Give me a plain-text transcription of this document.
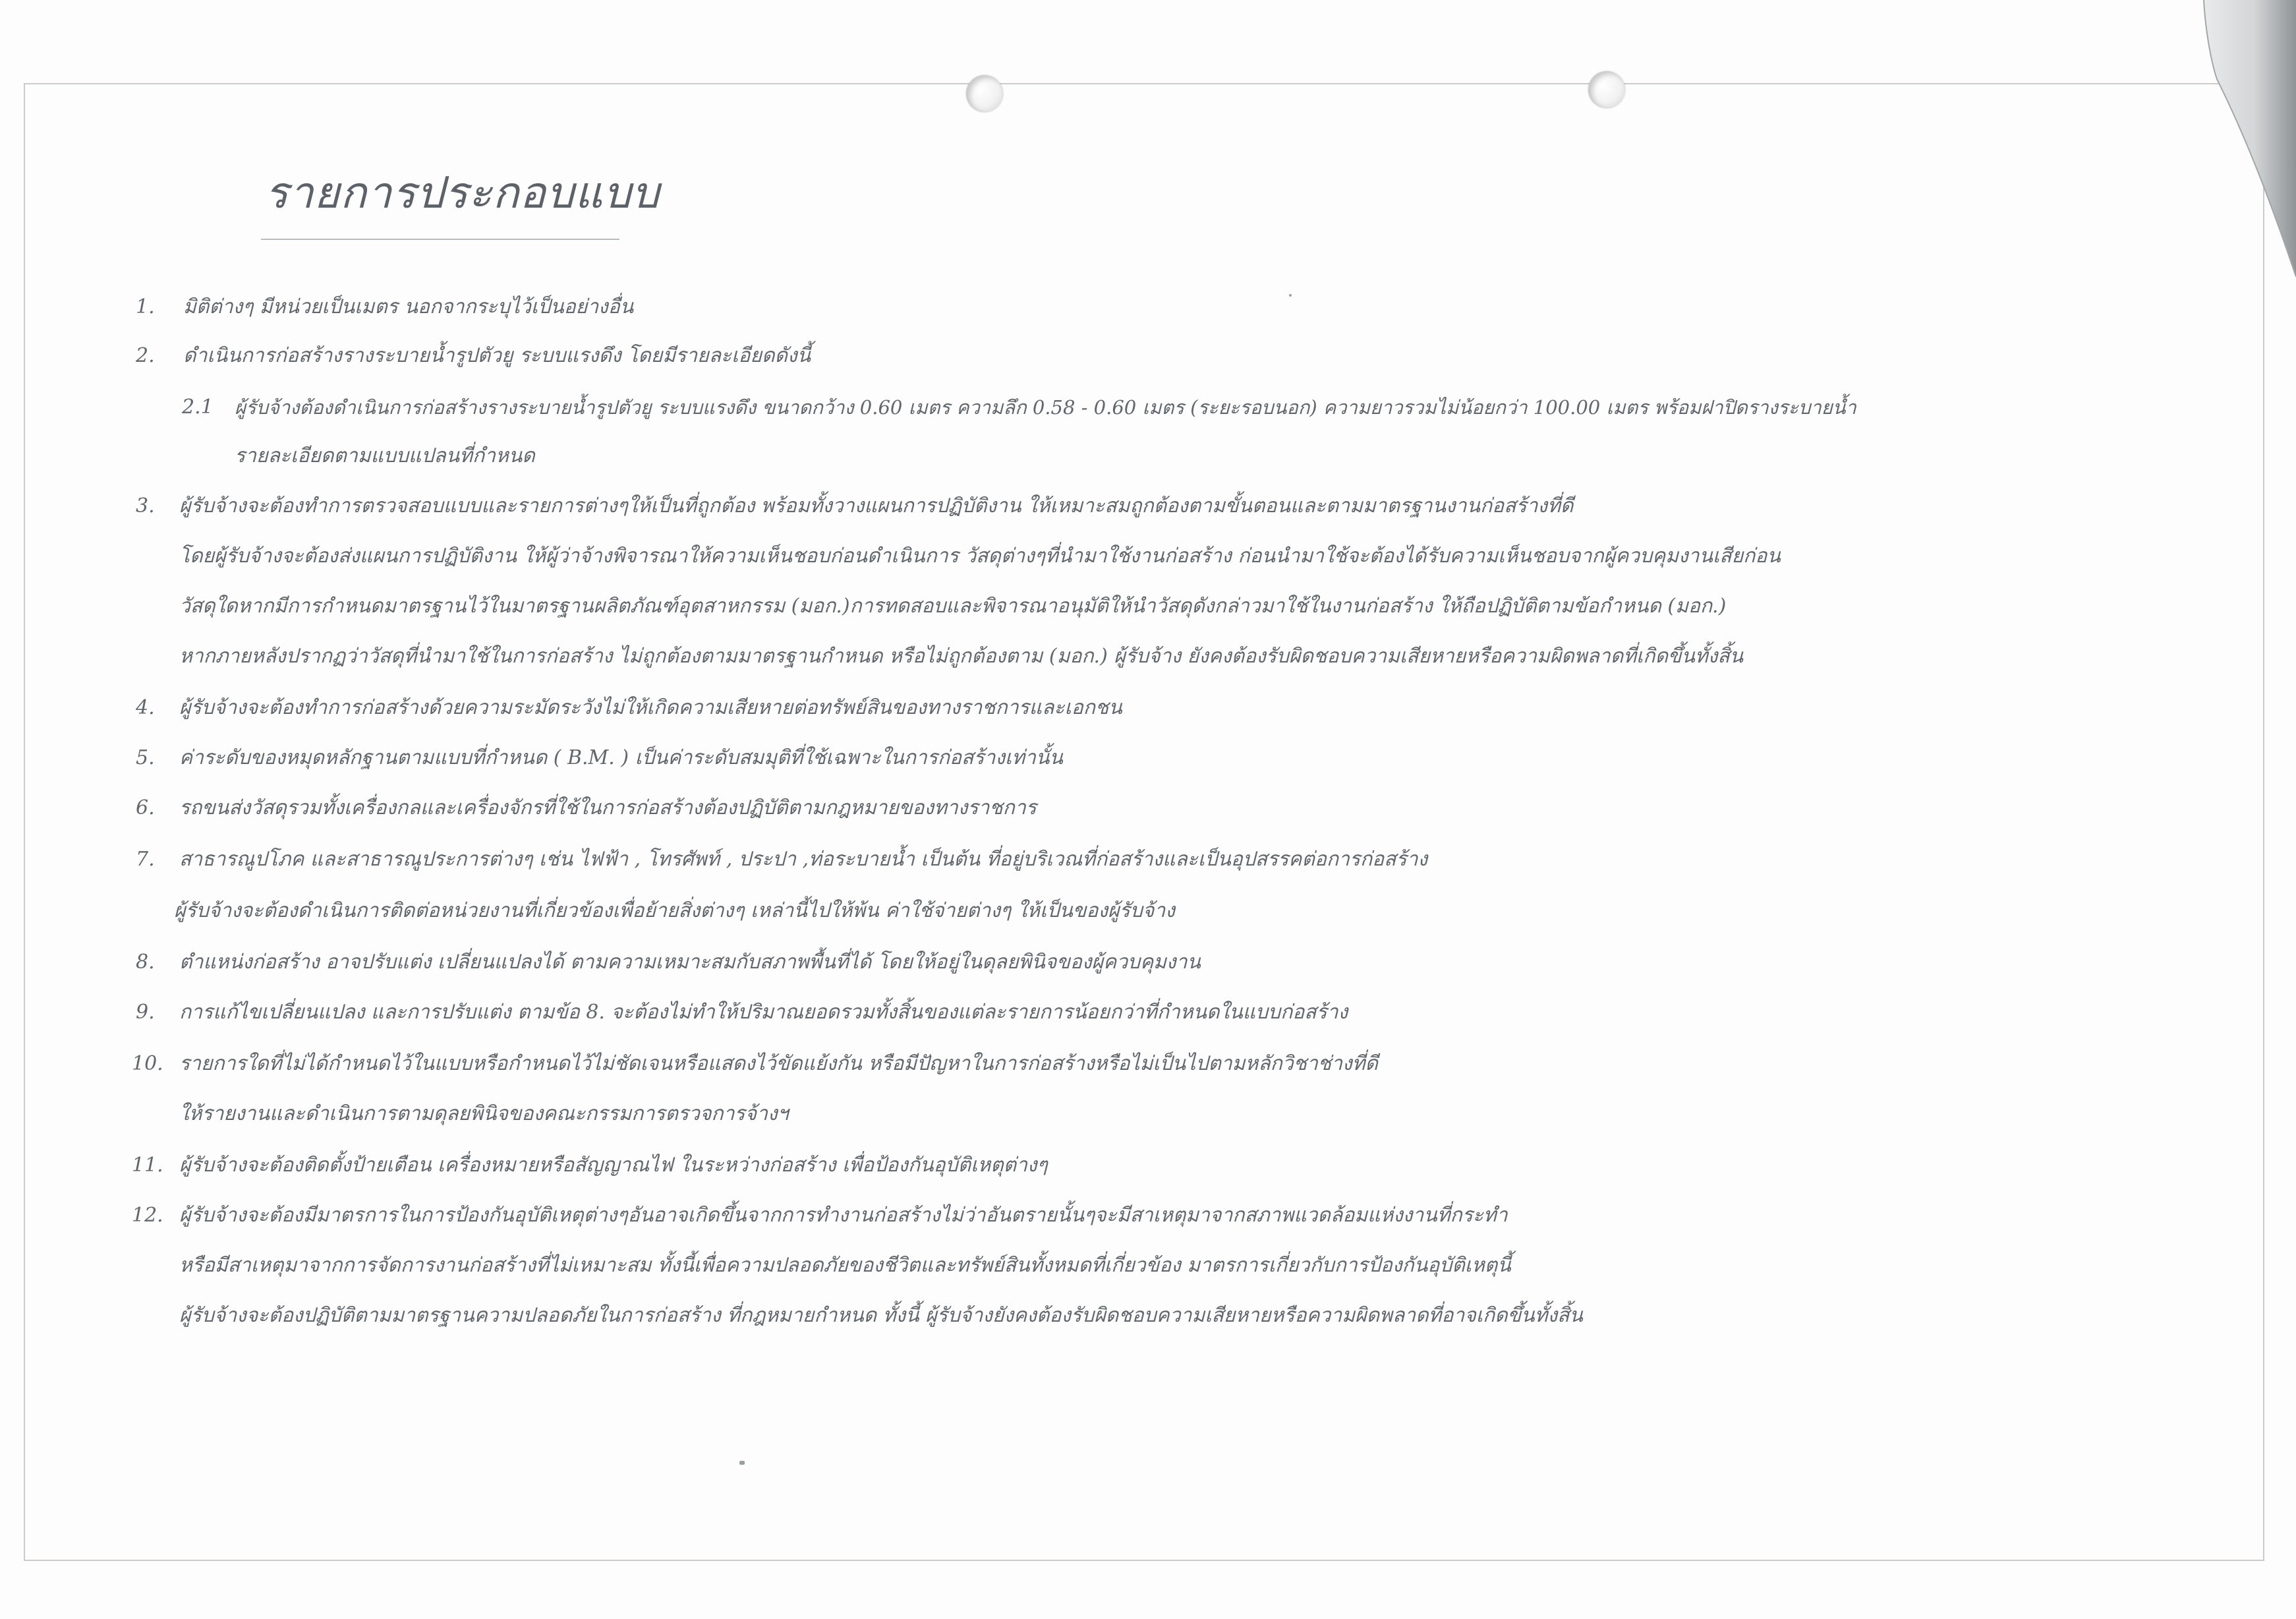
รายการประกอบแบบ
1. มิติต่างๆ มีหน่วยเป็นเมตร นอกจากระบุไว้เป็นอย่างอื่น
2. ดำเนินการก่อสร้างรางระบายน้ำรูปตัวยู ระบบแรงดึง โดยมีรายละเอียดดังนี้
2.1 ผู้รับจ้างต้องดำเนินการก่อสร้างรางระบายน้ำรูปตัวยู ระบบแรงดึง ขนาดกว้าง 0.60 เมตร ความลึก 0.58 - 0.60 เมตร (ระยะรอบนอก) ความยาวรวมไม่น้อยกว่า 100.00 เมตร พร้อมฝาปิดรางระบายน้ำ
รายละเอียดตามแบบแปลนที่กำหนด
3. ผู้รับจ้างจะต้องทำการตรวจสอบแบบและรายการต่างๆให้เป็นที่ถูกต้อง พร้อมทั้งวางแผนการปฏิบัติงาน ให้เหมาะสมถูกต้องตามขั้นตอนและตามมาตรฐานงานก่อสร้างที่ดี
โดยผู้รับจ้างจะต้องส่งแผนการปฏิบัติงาน ให้ผู้ว่าจ้างพิจารณาให้ความเห็นชอบก่อนดำเนินการ วัสดุต่างๆที่นำมาใช้งานก่อสร้าง ก่อนนำมาใช้จะต้องได้รับความเห็นชอบจากผู้ควบคุมงานเสียก่อน
วัสดุใดหากมีการกำหนดมาตรฐานไว้ในมาตรฐานผลิตภัณฑ์อุตสาหกรรม (มอก.)การทดสอบและพิจารณาอนุมัติให้นำวัสดุดังกล่าวมาใช้ในงานก่อสร้าง ให้ถือปฏิบัติตามข้อกำหนด (มอก.)
หากภายหลังปรากฏว่าวัสดุที่นำมาใช้ในการก่อสร้าง ไม่ถูกต้องตามมาตรฐานกำหนด หรือไม่ถูกต้องตาม (มอก.) ผู้รับจ้าง ยังคงต้องรับผิดชอบความเสียหายหรือความผิดพลาดที่เกิดขึ้นทั้งสิ้น
4. ผู้รับจ้างจะต้องทำการก่อสร้างด้วยความระมัดระวังไม่ให้เกิดความเสียหายต่อทรัพย์สินของทางราชการและเอกชน
5. ค่าระดับของหมุดหลักฐานตามแบบที่กำหนด ( B.M. ) เป็นค่าระดับสมมุติที่ใช้เฉพาะในการก่อสร้างเท่านั้น
6. รถขนส่งวัสดุรวมทั้งเครื่องกลและเครื่องจักรที่ใช้ในการก่อสร้างต้องปฏิบัติตามกฎหมายของทางราชการ
7. สาธารณูปโภค และสาธารณูประการต่างๆ เช่น ไฟฟ้า , โทรศัพท์ , ประปา ,ท่อระบายน้ำ เป็นต้น ที่อยู่บริเวณที่ก่อสร้างและเป็นอุปสรรคต่อการก่อสร้าง
ผู้รับจ้างจะต้องดำเนินการติดต่อหน่วยงานที่เกี่ยวข้องเพื่อย้ายสิ่งต่างๆ เหล่านี้ไปให้พ้น ค่าใช้จ่ายต่างๆ ให้เป็นของผู้รับจ้าง
8. ตำแหน่งก่อสร้าง อาจปรับแต่ง เปลี่ยนแปลงได้ ตามความเหมาะสมกับสภาพพื้นที่ได้ โดยให้อยู่ในดุลยพินิจของผู้ควบคุมงาน
9. การแก้ไขเปลี่ยนแปลง และการปรับแต่ง ตามข้อ 8. จะต้องไม่ทำให้ปริมาณยอดรวมทั้งสิ้นของแต่ละรายการน้อยกว่าที่กำหนดในแบบก่อสร้าง
10. รายการใดที่ไม่ได้กำหนดไว้ในแบบหรือกำหนดไว้ไม่ชัดเจนหรือแสดงไว้ขัดแย้งกัน หรือมีปัญหาในการก่อสร้างหรือไม่เป็นไปตามหลักวิชาช่างที่ดี
ให้รายงานและดำเนินการตามดุลยพินิจของคณะกรรมการตรวจการจ้างฯ
11. ผู้รับจ้างจะต้องติดตั้งป้ายเตือน เครื่องหมายหรือสัญญาณไฟ ในระหว่างก่อสร้าง เพื่อป้องกันอุบัติเหตุต่างๆ
12. ผู้รับจ้างจะต้องมีมาตรการในการป้องกันอุบัติเหตุต่างๆอันอาจเกิดขึ้นจากการทำงานก่อสร้างไม่ว่าอันตรายนั้นๆจะมีสาเหตุมาจากสภาพแวดล้อมแห่งงานที่กระทำ
หรือมีสาเหตุมาจากการจัดการงานก่อสร้างที่ไม่เหมาะสม ทั้งนี้เพื่อความปลอดภัยของชีวิตและทรัพย์สินทั้งหมดที่เกี่ยวข้อง มาตรการเกี่ยวกับการป้องกันอุบัติเหตุนี้
ผู้รับจ้างจะต้องปฏิบัติตามมาตรฐานความปลอดภัยในการก่อสร้าง ที่กฎหมายกำหนด ทั้งนี้ ผู้รับจ้างยังคงต้องรับผิดชอบความเสียหายหรือความผิดพลาดที่อาจเกิดขึ้นทั้งสิ้น
